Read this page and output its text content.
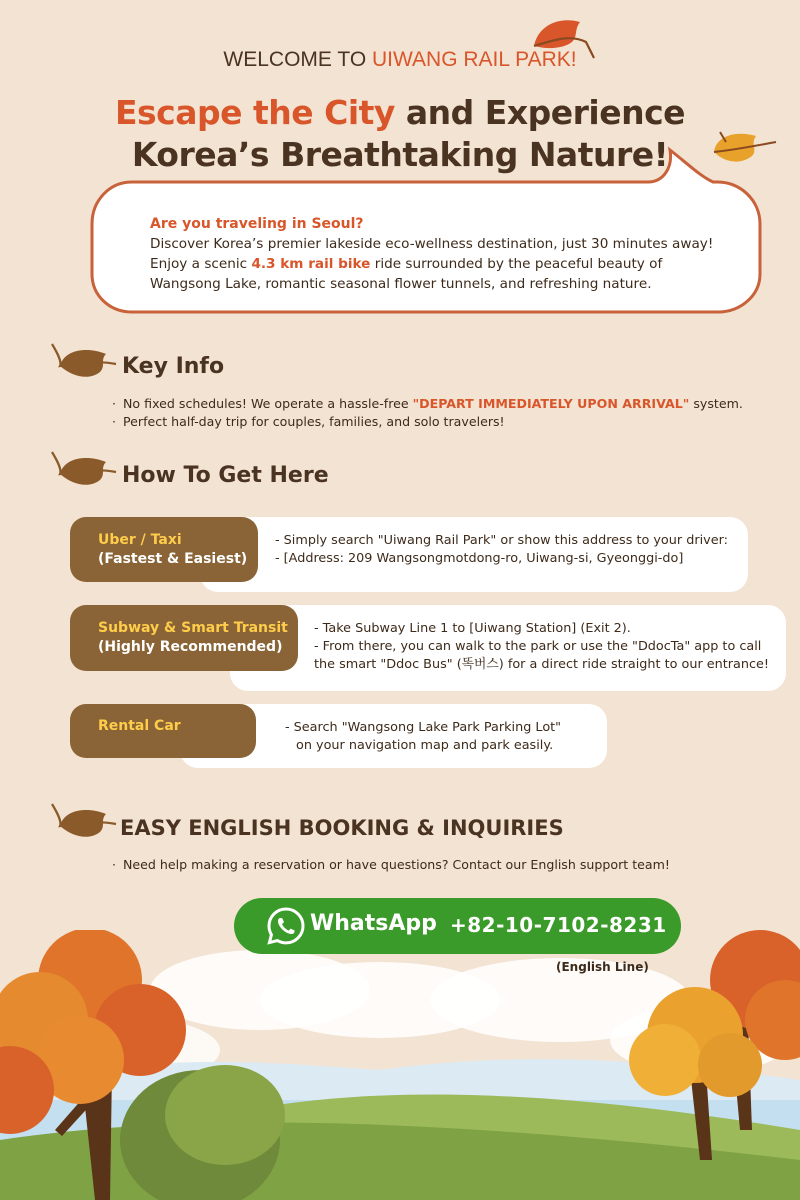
WELCOME TO UIWANG RAIL PARK!
Escape the City and Experience
Korea’s Breathtaking Nature!
Are you traveling in Seoul?
Discover Korea’s premier lakeside eco-wellness destination, just 30 minutes away!
Enjoy a scenic 4.3 km rail bike ride surrounded by the peaceful beauty of
Wangsong Lake, romantic seasonal flower tunnels, and refreshing nature.
Key Info
· No fixed schedules! We operate a hassle-free "DEPART IMMEDIATELY UPON ARRIVAL" system.
· Perfect half-day trip for couples, families, and solo travelers!
How To Get Here
Uber / Taxi
(Fastest & Easiest)
- Simply search "Uiwang Rail Park" or show this address to your driver:
- [Address: 209 Wangsongmotdong-ro, Uiwang-si, Gyeonggi-do]
Subway & Smart Transit
(Highly Recommended)
- Take Subway Line 1 to [Uiwang Station] (Exit 2).
- From there, you can walk to the park or use the "DdocTa" app to call
the smart "Ddoc Bus" (똑버스) for a direct ride straight to our entrance!
Rental Car	- Search "Wangsong Lake Park Parking Lot"
on your navigation map and park easily.
EASY ENGLISH BOOKING & INQUIRIES
· Need help making a reservation or have questions? Contact our English support team!
WhatsApp +82-10-7102-8231
(English Line)
